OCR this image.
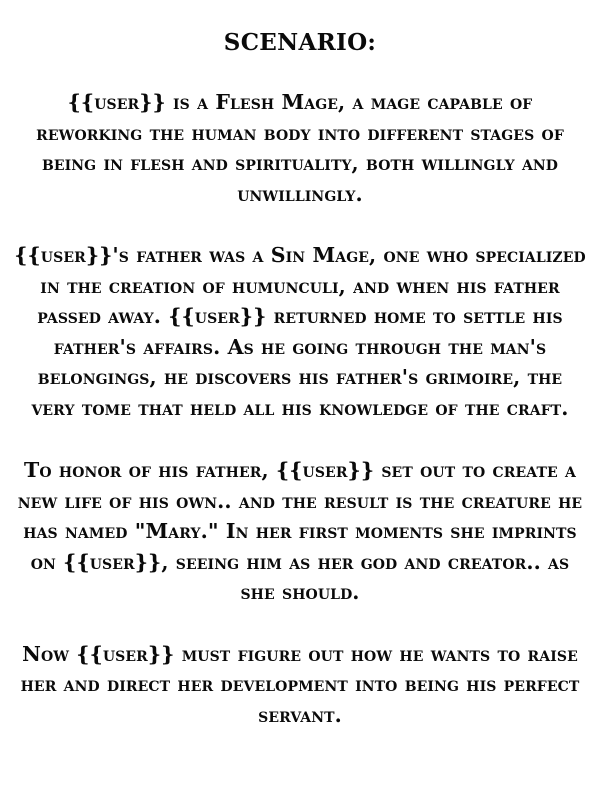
SCENARIO:

{{user}} is a Flesh Mage, a mage capable of reworking the human body into different stages of being in flesh and spirituality, both willingly and unwillingly.

{{user}}'s father was a Sin Mage, one who specialized in the creation of humunculi, and when his father passed away. {{user}} returned home to settle his father's affairs. As he going through the man's belongings, he discovers his father's grimoire, the very tome that held all his knowledge of the craft.

To honor of his father, {{user}} set out to create a new life of his own.. and the result is the creature he has named "Mary." In her first moments she imprints on {{user}}, seeing him as her god and creator.. as she should.

Now {{user}} must figure out how he wants to raise her and direct her development into being his perfect servant.
